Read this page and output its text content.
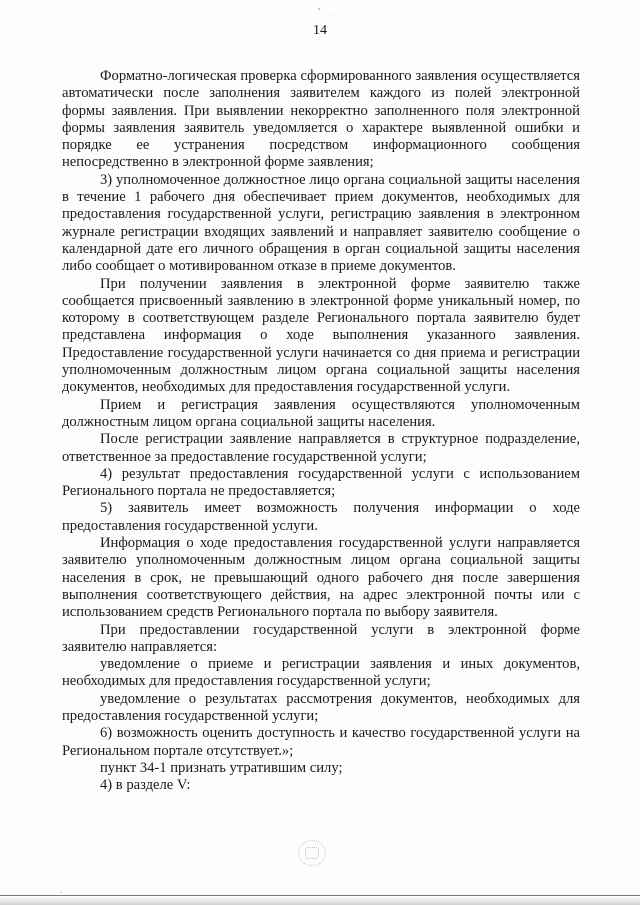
14

Форматно-логическая проверка сформированного заявления осуществляется автоматически после заполнения заявителем каждого из полей электронной формы заявления. При выявлении некорректно заполненного поля электронной формы заявления заявитель уведомляется о характере выявленной ошибки и порядке ее устранения посредством информационного сообщения непосредственно в электронной форме заявления;

3) уполномоченное должностное лицо органа социальной защиты населения в течение 1 рабочего дня обеспечивает прием документов, необходимых для предоставления государственной услуги, регистрацию заявления в электронном журнале регистрации входящих заявлений и направляет заявителю сообщение о календарной дате его личного обращения в орган социальной защиты населения либо сообщает о мотивированном отказе в приеме документов.

При получении заявления в электронной форме заявителю также сообщается присвоенный заявлению в электронной форме уникальный номер, по которому в соответствующем разделе Регионального портала заявителю будет представлена информация о ходе выполнения указанного заявления. Предоставление государственной услуги начинается со дня приема и регистрации уполномоченным должностным лицом органа социальной защиты населения документов, необходимых для предоставления государственной услуги.

Прием и регистрация заявления осуществляются уполномоченным должностным лицом органа социальной защиты населения.

После регистрации заявление направляется в структурное подразделение, ответственное за предоставление государственной услуги;

4) результат предоставления государственной услуги с использованием Регионального портала не предоставляется;

5) заявитель имеет возможность получения информации о ходе предоставления государственной услуги.

Информация о ходе предоставления государственной услуги направляется заявителю уполномоченным должностным лицом органа социальной защиты населения в срок, не превышающий одного рабочего дня после завершения выполнения соответствующего действия, на адрес электронной почты или с использованием средств Регионального портала по выбору заявителя.

При предоставлении государственной услуги в электронной форме заявителю направляется:

уведомление о приеме и регистрации заявления и иных документов, необходимых для предоставления государственной услуги;

уведомление о результатах рассмотрения документов, необходимых для предоставления государственной услуги;

6) возможность оценить доступность и качество государственной услуги на Региональном портале отсутствует.»;

пункт 34-1 признать утратившим силу;

4) в разделе V:
